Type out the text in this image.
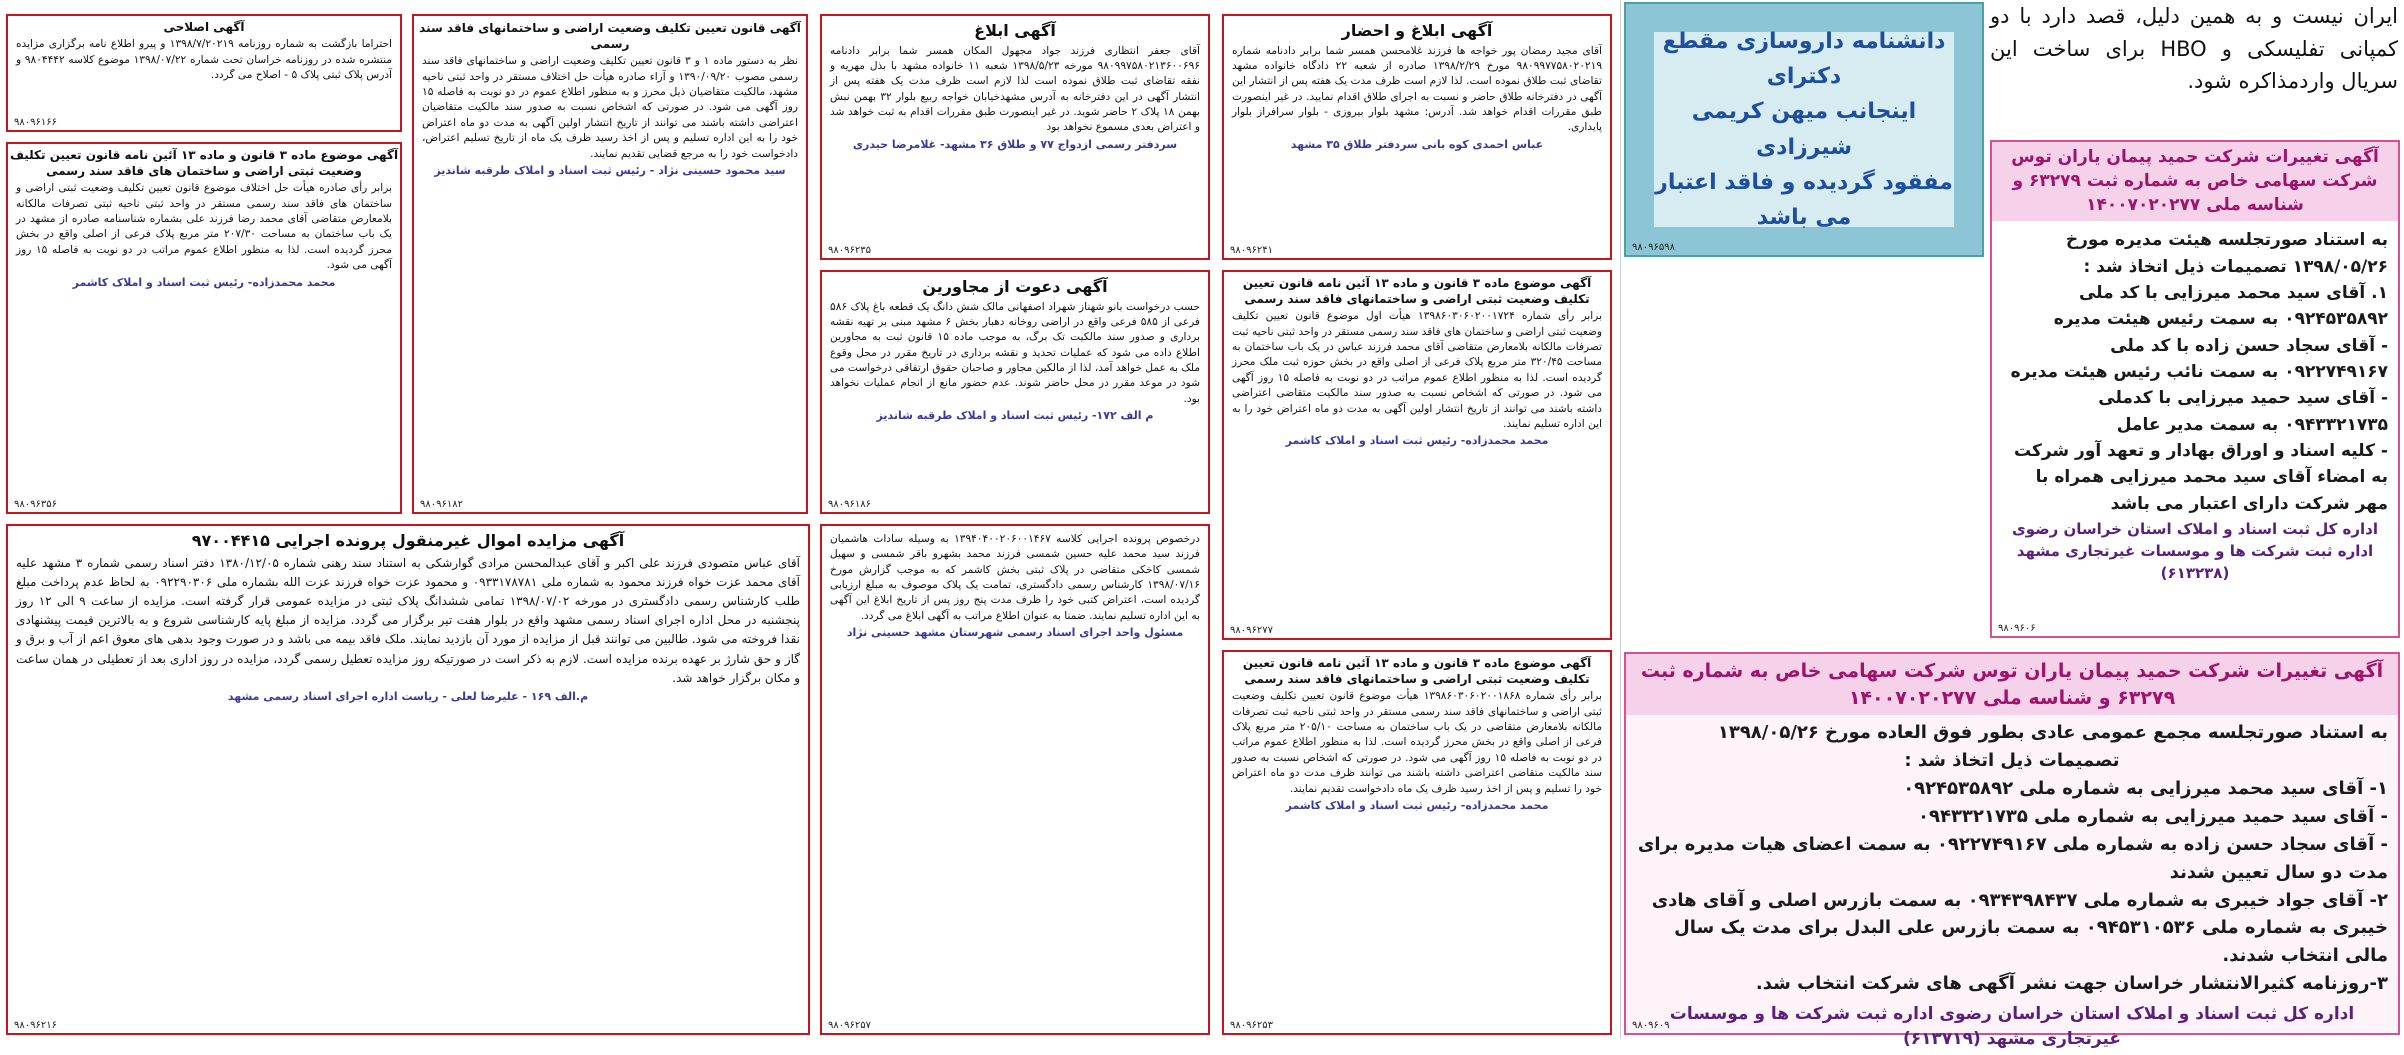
ایران نیست و به همین دلیل، قصد دارد با دو کمپانی تفلیسکی و HBO برای ساخت این سریال واردمذاکره شود.
دانشنامه داروسازی مقطع دکترای
اینجانب میهن کریمی شیرزادی
مفقود گردیده و فاقد اعتبار می باشد
۹۸۰۹۶۵۹۸
آگهی تغییرات شرکت حمید پیمان یاران توس شرکت سهامی خاص به شماره ثبت ۶۳۲۷۹ و شناسه ملی ۱۴۰۰۷۰۲۰۲۷۷
به استناد صورتجلسه هیئت مدیره مورخ
۱۳۹۸/۰۵/۲۶ تصمیمات ذیل اتخاذ شد :
۱. آقای سید محمد میرزایی با کد ملی
۰۹۲۴۵۳۵۸۹۲ به سمت رئیس هیئت مدیره
- آقای سجاد حسن زاده با کد ملی
۰۹۲۲۷۴۹۱۶۷ به سمت نائب رئیس هیئت مدیره
- آقای سید حمید میرزایی با کدملی
۰۹۴۳۳۲۱۷۳۵ به سمت مدیر عامل
- کلیه اسناد و اوراق بهادار و تعهد آور شرکت به امضاء آقای سید محمد میرزایی همراه با مهر شرکت دارای اعتبار می باشد
اداره کل ثبت اسناد و املاک استان خراسان رضوی اداره ثبت شرکت ها و موسسات غیرتجاری مشهد (۶۱۳۲۳۸)
۹۸۰۹۶۰۶
آگهی تغییرات شرکت حمید پیمان یاران توس شرکت سهامی خاص به شماره ثبت ۶۳۲۷۹ و شناسه ملی ۱۴۰۰۷۰۲۰۲۷۷
به استناد صورتجلسه مجمع عمومی عادی بطور فوق العاده مورخ ۱۳۹۸/۰۵/۲۶
تصمیمات ذیل اتخاذ شد :
۱- آقای سید محمد میرزایی به شماره ملی ۰۹۲۴۵۳۵۸۹۲
- آقای سید حمید میرزایی به شماره ملی ۰۹۴۳۳۲۱۷۳۵
- آقای سجاد حسن زاده به شماره ملی ۰۹۲۲۷۴۹۱۶۷ به سمت اعضای هیات مدیره برای مدت دو سال تعیین شدند
۲- آقای جواد خیبری به شماره ملی ۰۹۳۴۳۹۸۴۳۷ به سمت بازرس اصلی و آقای هادی خیبری به شماره ملی ۰۹۴۵۳۱۰۵۳۶ به سمت بازرس علی البدل برای مدت یک سال مالی انتخاب شدند.
۳-روزنامه کثیرالانتشار خراسان جهت نشر آگهی های شرکت انتخاب شد.
اداره کل ثبت اسناد و املاک استان خراسان رضوی اداره ثبت شرکت ها و موسسات غیرتجاری مشهد (۶۱۳۷۱۹)
۹۸۰۹۶۰۹
آگهی ابلاغ و احضار
آقای مجید رمضان پور خواجه ها فرزند غلامحسن همسر شما برابر دادنامه شماره ۹۸۰۹۹۷۷۵۸۰۲۰۲۱۹ مورخ ۱۳۹۸/۲/۲۹ صادره از شعبه ۲۲ دادگاه خانواده مشهد تقاضای ثبت طلاق نموده است. لذا لازم است ظرف مدت یک هفته پس از انتشار این آگهی در دفترخانه طلاق حاضر و نسبت به اجرای طلاق اقدام نمایید. در غیر اینصورت طبق مقررات اقدام خواهد شد. آدرس: مشهد بلوار بیروزی - بلوار سرافراز بلوار پایداری.
عباس احمدی کوه بانی سردفتر طلاق ۳۵ مشهد
۹۸۰۹۶۲۴۱
آگهی ابلاغ
آقای جعفر انتظاری فرزند جواد مجهول المکان همسر شما برابر دادنامه ۹۸۰۹۹۷۵۸۰۲۱۳۶۰۰۶۹۶ مورخه ۱۳۹۸/۵/۲۳ شعبه ۱۱ خانواده مشهد با بذل مهریه و نفقه تقاضای ثبت طلاق نموده است لذا لازم است ظرف مدت یک هفته پس از انتشار آگهی در این دفترخانه به آدرس مشهدخیابان خواجه ربیع بلوار ۳۲ بهمن نبش بهمن ۱۸ پلاک ۲ حاضر شوید. در غیر اینصورت طبق مقررات اقدام به ثبت خواهد شد و اعتراض بعدی مسموع نخواهد بود
سردفتر رسمی ازدواج ۷۷ و طلاق ۳۶ مشهد- غلامرضا حیدری
۹۸۰۹۶۲۳۵
آگهی قانون تعیین تکلیف وضعیت اراضی و ساختمانهای فاقد سند رسمی
نظر به دستور ماده ۱ و ۳ قانون تعیین تکلیف وضعیت اراضی و ساختمانهای فاقد سند رسمی مصوب ۱۳۹۰/۰۹/۲۰ و آراء صادره هیأت حل اختلاف مستقر در واحد ثبتی ناحیه مشهد، مالکیت متقاضیان ذیل محرز و به منظور اطلاع عموم در دو نوبت به فاصله ۱۵ روز آگهی می شود. در صورتی که اشخاص نسبت به صدور سند مالکیت متقاضیان اعتراضی داشته باشند می توانند از تاریخ انتشار اولین آگهی به مدت دو ماه اعتراض خود را به این اداره تسلیم و پس از اخذ رسید ظرف یک ماه از تاریخ تسلیم اعتراض، دادخواست خود را به مرجع قضایی تقدیم نمایند.
سید محمود حسینی نژاد - رئیس ثبت اسناد و املاک طرقبه شاندیز
۹۸۰۹۶۱۸۲
آگهی اصلاحی
احتراما بازگشت به شماره روزنامه ۱۳۹۸/۷/۲۰۲۱۹ و پیرو اطلاع نامه برگزاری مزایده منتشره شده در روزنامه خراسان تحت شماره ۱۳۹۸/۰۷/۲۲ موضوع کلاسه ۹۸۰۴۴۴۲ و آدرس پلاک ثبتی پلاک ۵ - اصلاح می گردد.
۹۸۰۹۶۱۶۶
آگهی موضوع ماده ۳ قانون و ماده ۱۳ آئین نامه قانون تعیین تکلیف وضعیت ثبتی اراضی و ساختمان های فاقد سند رسمی
برابر رأی صادره هیأت حل اختلاف موضوع قانون تعیین تکلیف وضعیت ثبتی اراضی و ساختمان های فاقد سند رسمی مستقر در واحد ثبتی ناحیه ثبتی تصرفات مالکانه بلامعارض متقاضی آقای محمد رضا فرزند علی بشماره شناسنامه صادره از مشهد در یک باب ساختمان به مساحت ۲۰۷/۳۰ متر مربع پلاک فرعی از اصلی واقع در بخش محرز گردیده است. لذا به منظور اطلاع عموم مراتب در دو نوبت به فاصله ۱۵ روز آگهی می شود.
محمد محمدزاده- رئیس ثبت اسناد و املاک کاشمر
۹۸۰۹۶۳۵۶
آگهی دعوت از مجاورین
حسب درخواست بانو شهناز شهراد اصفهانی مالک شش دانگ یک قطعه باغ پلاک ۵۸۶ فرعی از ۵۸۵ فرعی واقع در اراضی روخانه دهبار بخش ۶ مشهد مبنی بر تهیه نقشه برداری و صدور سند مالکیت تک برگ، به موجب ماده ۱۵ قانون ثبت به مجاورین اطلاع داده می شود که عملیات تحدید و نقشه برداری در تاریخ مقرر در محل وقوع ملک به عمل خواهد آمد، لذا از مالکین مجاور و صاحبان حقوق ارتفاقی درخواست می شود در موعد مقرر در محل حاضر شوند. عدم حضور مانع از انجام عملیات نخواهد بود.
م الف ۱۷۲- رئیس ثبت اسناد و املاک طرقبه شاندیز
۹۸۰۹۶۱۸۶
آگهی موضوع ماده ۳ قانون و ماده ۱۳ آئین نامه قانون تعیین تکلیف وضعیت ثبتی اراضی و ساختمانهای فاقد سند رسمی
برابر رأی شماره ۱۳۹۸۶۰۳۰۶۰۲۰۰۱۷۲۴ هیأت اول موضوع قانون تعیین تکلیف وضعیت ثبتی اراضی و ساختمان های فاقد سند رسمی مستقر در واحد ثبتی ناحیه ثبت تصرفات مالکانه بلامعارض متقاضی آقای محمد فرزند عباس در یک باب ساختمان به مساحت ۳۲۰/۴۵ متر مربع پلاک فرعی از اصلی واقع در بخش حوزه ثبت ملک محرز گردیده است. لذا به منظور اطلاع عموم مراتب در دو نوبت به فاصله ۱۵ روز آگهی می شود. در صورتی که اشخاص نسبت به صدور سند مالکیت متقاضی اعتراضی داشته باشند می توانند از تاریخ انتشار اولین آگهی به مدت دو ماه اعتراض خود را به این اداره تسلیم نمایند.
محمد محمدزاده- رئیس ثبت اسناد و املاک کاشمر
۹۸۰۹۶۲۷۷
آگهی موضوع ماده ۳ قانون و ماده ۱۳ آئین نامه قانون تعیین تکلیف وضعیت ثبتی اراضی و ساختمانهای فاقد سند رسمی
برابر رأی شماره ۱۳۹۸۶۰۳۰۶۰۲۰۰۱۸۶۸ هیأت موضوع قانون تعیین تکلیف وضعیت ثبتی اراضی و ساختمانهای فاقد سند رسمی مستقر در واحد ثبتی ناحیه ثبت تصرفات مالکانه بلامعارض متقاضی در یک باب ساختمان به مساحت ۲۰۵/۱۰ متر مربع پلاک فرعی از اصلی واقع در بخش محرز گردیده است. لذا به منظور اطلاع عموم مراتب در دو نوبت به فاصله ۱۵ روز آگهی می شود. در صورتی که اشخاص نسبت به صدور سند مالکیت متقاضی اعتراضی داشته باشند می توانند ظرف مدت دو ماه اعتراض خود را تسلیم و پس از اخذ رسید ظرف یک ماه دادخواست تقدیم نمایند.
محمد محمدزاده- رئیس ثبت اسناد و املاک کاشمر
۹۸۰۹۶۲۵۳
درخصوص پرونده اجرایی کلاسه ۱۳۹۴۰۴۰۰۲۰۶۰۰۱۴۶۷ به وسیله سادات هاشمیان فرزند سید محمد علیه حسین شمسی فرزند محمد بشهرو باقر شمسی و سهیل شمسی کاخکی متقاضی در پلاک ثبتی بخش کاشمر که به موجب گزارش مورخ ۱۳۹۸/۰۷/۱۶ کارشناس رسمی دادگستری، تمامت یک پلاک موصوف به مبلغ ارزیابی گردیده است، اعتراض کتبی خود را ظرف مدت پنج روز پس از تاریخ ابلاغ این آگهی به این اداره تسلیم نمایند. ضمنا به عنوان اطلاع مراتب به آگهی ابلاغ می گردد.
مسئول واحد اجرای اسناد رسمی شهرستان مشهد حسینی نژاد
۹۸۰۹۶۲۵۷
آگهی مزایده اموال غیرمنقول پرونده اجرایی ۹۷۰۰۴۴۱۵
آقای عباس متصودی فرزند علی اکبر و آقای عبدالمحسن مرادی گوارشکی به استناد سند رهنی شماره ۱۳۸۰/۱۲/۰۵ دفتر اسناد رسمی شماره ۳ مشهد علیه آقای محمد عزت خواه فرزند محمود به شماره ملی ۰۹۳۳۱۷۸۷۸۱ و محمود عزت خواه فرزند عزت الله بشماره ملی ۰۹۲۲۹۰۳۰۶ به لحاظ عدم پرداخت مبلغ طلب کارشناس رسمی دادگستری در مورخه ۱۳۹۸/۰۷/۰۲ تمامی ششدانگ پلاک ثبتی در مزایده عمومی قرار گرفته است. مزایده از ساعت ۹ الی ۱۲ روز پنجشنبه در محل اداره اجرای اسناد رسمی مشهد واقع در بلوار هفت تیر برگزار می گردد. مزایده از مبلغ پایه کارشناسی شروع و به بالاترین قیمت پیشنهادی نقدا فروخته می شود. طالبین می توانند قبل از مزایده از مورد آن بازدید نمایند. ملک فاقد بیمه می باشد و در صورت وجود بدهی های معوق اعم از آب و برق و گاز و حق شارژ بر عهده برنده مزایده است. لازم به ذکر است در صورتیکه روز مزایده تعطیل رسمی گردد، مزایده در روز اداری بعد از تعطیلی در همان ساعت و مکان برگزار خواهد شد.
م.الف ۱۶۹ - علیرضا لعلی - ریاست اداره اجرای اسناد رسمی مشهد
۹۸۰۹۶۲۱۶
